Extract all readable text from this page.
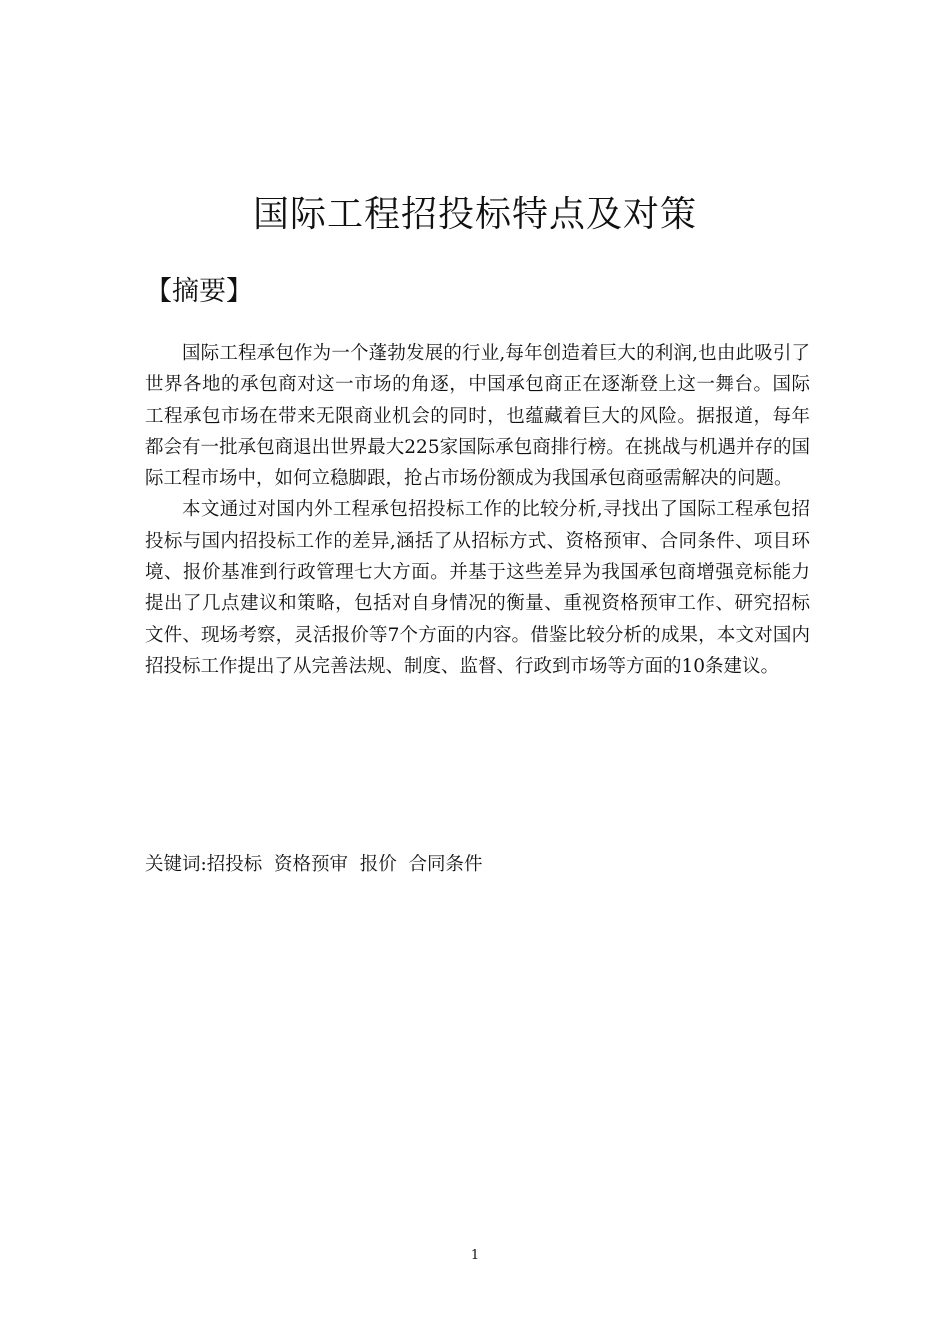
国际工程招投标特点及对策
【摘要】

国际工程承包作为一个蓬勃发展的行业,每年创造着巨大的利润,也由此吸引了世界各地的承包商对这一市场的角逐，中国承包商正在逐渐登上这一舞台。国际工程承包市场在带来无限商业机会的同时，也蕴藏着巨大的风险。据报道，每年都会有一批承包商退出世界最大225家国际承包商排行榜。在挑战与机遇并存的国际工程市场中，如何立稳脚跟，抢占市场份额成为我国承包商亟需解决的问题。

本文通过对国内外工程承包招投标工作的比较分析,寻找出了国际工程承包招投标与国内招投标工作的差异,涵括了从招标方式、资格预审、合同条件、项目环境、报价基准到行政管理七大方面。并基于这些差异为我国承包商增强竞标能力提出了几点建议和策略，包括对自身情况的衡量、重视资格预审工作、研究招标文件、现场考察，灵活报价等7个方面的内容。借鉴比较分析的成果，本文对国内招投标工作提出了从完善法规、制度、监督、行政到市场等方面的10条建议。

关键词:招投标  资格预审  报价  合同条件
1
